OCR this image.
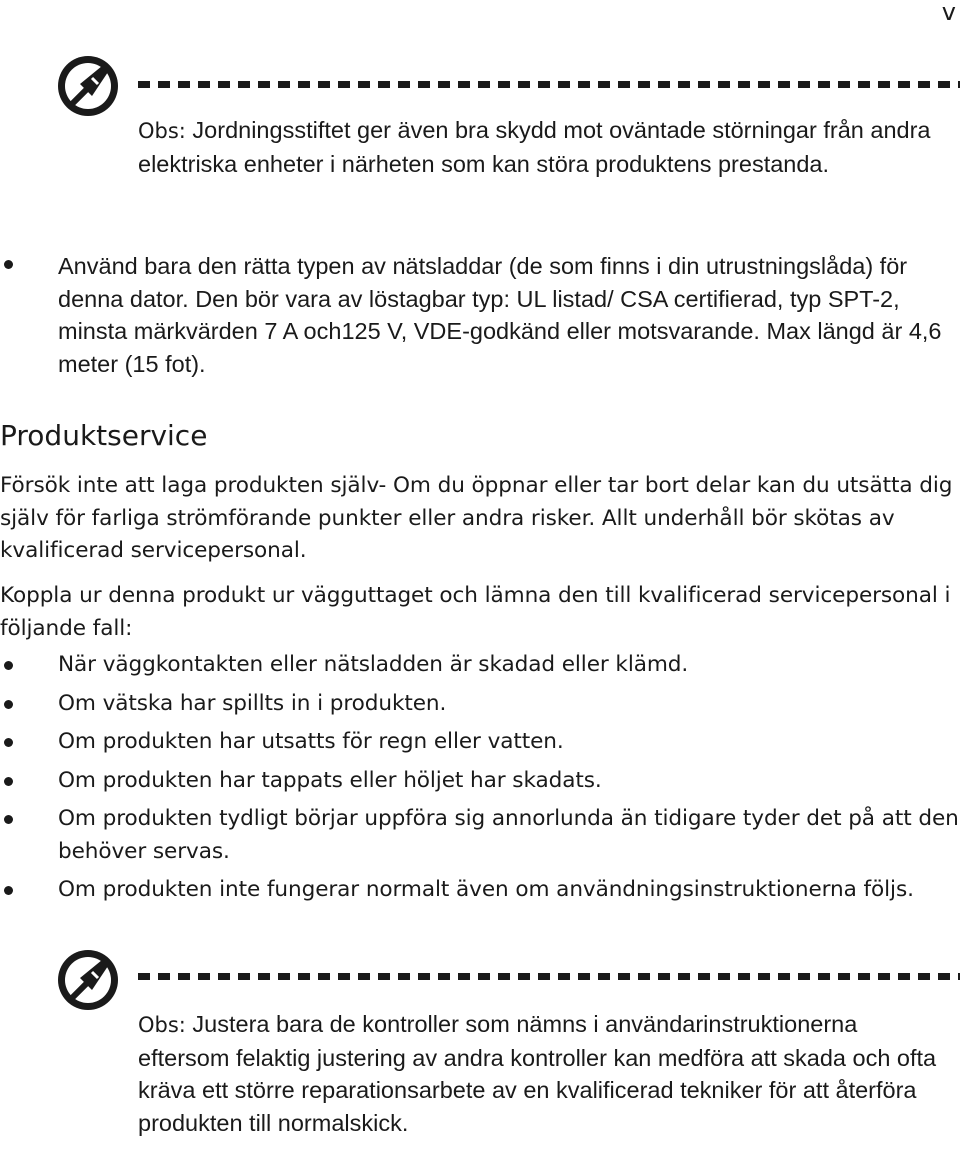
v
Obs: Jordningsstiftet ger även bra skydd mot oväntade störningar från andra elektriska enheter i närheten som kan störa produktens prestanda.
Använd bara den rätta typen av nätsladdar (de som finns i din utrustningslåda) för denna dator. Den bör vara av löstagbar typ: UL listad/ CSA certifierad, typ SPT-2, minsta märkvärden 7 A och125 V, VDE-godkänd eller motsvarande. Max längd är 4,6 meter (15 fot).
Produktservice

Försök inte att laga produkten själv- Om du öppnar eller tar bort delar kan du utsätta dig själv för farliga strömförande punkter eller andra risker. Allt underhåll bör skötas av kvalificerad servicepersonal.

Koppla ur denna produkt ur vägguttaget och lämna den till kvalificerad servicepersonal i följande fall:

När väggkontakten eller nätsladden är skadad eller klämd.
Om vätska har spillts in i produkten.
Om produkten har utsatts för regn eller vatten.
Om produkten har tappats eller höljet har skadats.
Om produkten tydligt börjar uppföra sig annorlunda än tidigare tyder det på att den behöver servas.
Om produkten inte fungerar normalt även om användningsinstruktionerna följs.
Obs: Justera bara de kontroller som nämns i användarinstruktionerna eftersom felaktig justering av andra kontroller kan medföra att skada och ofta kräva ett större reparationsarbete av en kvalificerad tekniker för att återföra produkten till normalskick.
